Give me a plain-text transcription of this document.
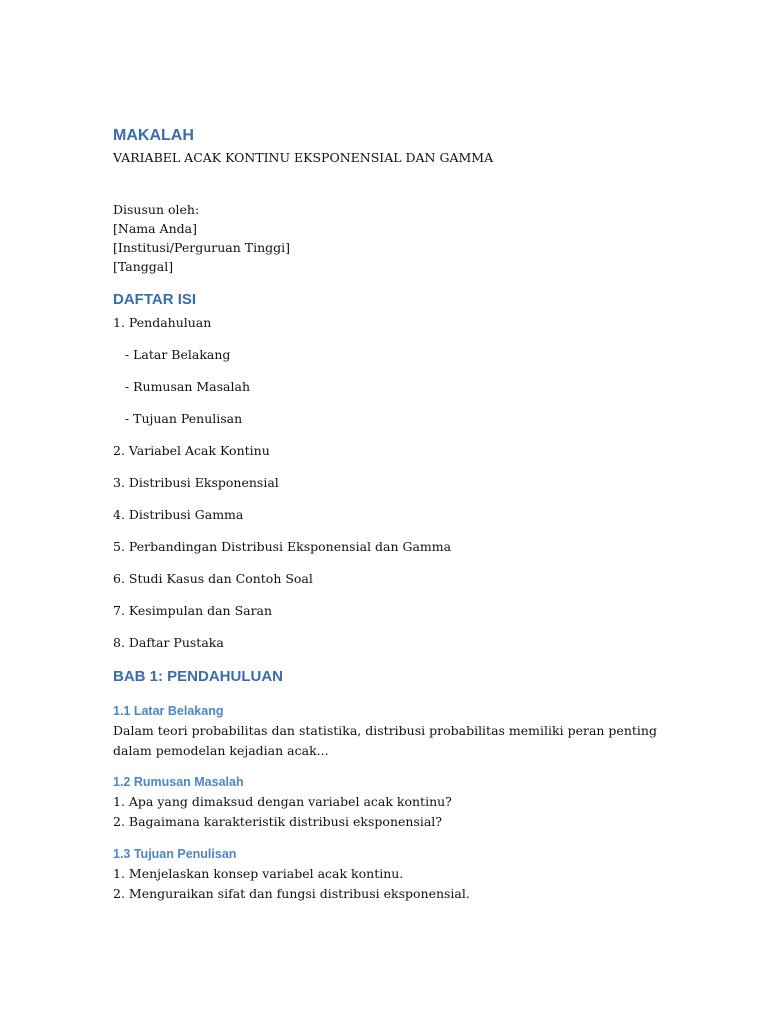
MAKALAH
VARIABEL ACAK KONTINU EKSPONENSIAL DAN GAMMA
Disusun oleh:
[Nama Anda]
[Institusi/Perguruan Tinggi]
[Tanggal]
DAFTAR ISI
1. Pendahuluan
- Latar Belakang
- Rumusan Masalah
- Tujuan Penulisan
2. Variabel Acak Kontinu
3. Distribusi Eksponensial
4. Distribusi Gamma
5. Perbandingan Distribusi Eksponensial dan Gamma
6. Studi Kasus dan Contoh Soal
7. Kesimpulan dan Saran
8. Daftar Pustaka
BAB 1: PENDAHULUAN
1.1 Latar Belakang
Dalam teori probabilitas dan statistika, distribusi probabilitas memiliki peran penting
dalam pemodelan kejadian acak...
1.2 Rumusan Masalah
1. Apa yang dimaksud dengan variabel acak kontinu?
2. Bagaimana karakteristik distribusi eksponensial?
1.3 Tujuan Penulisan
1. Menjelaskan konsep variabel acak kontinu.
2. Menguraikan sifat dan fungsi distribusi eksponensial.
